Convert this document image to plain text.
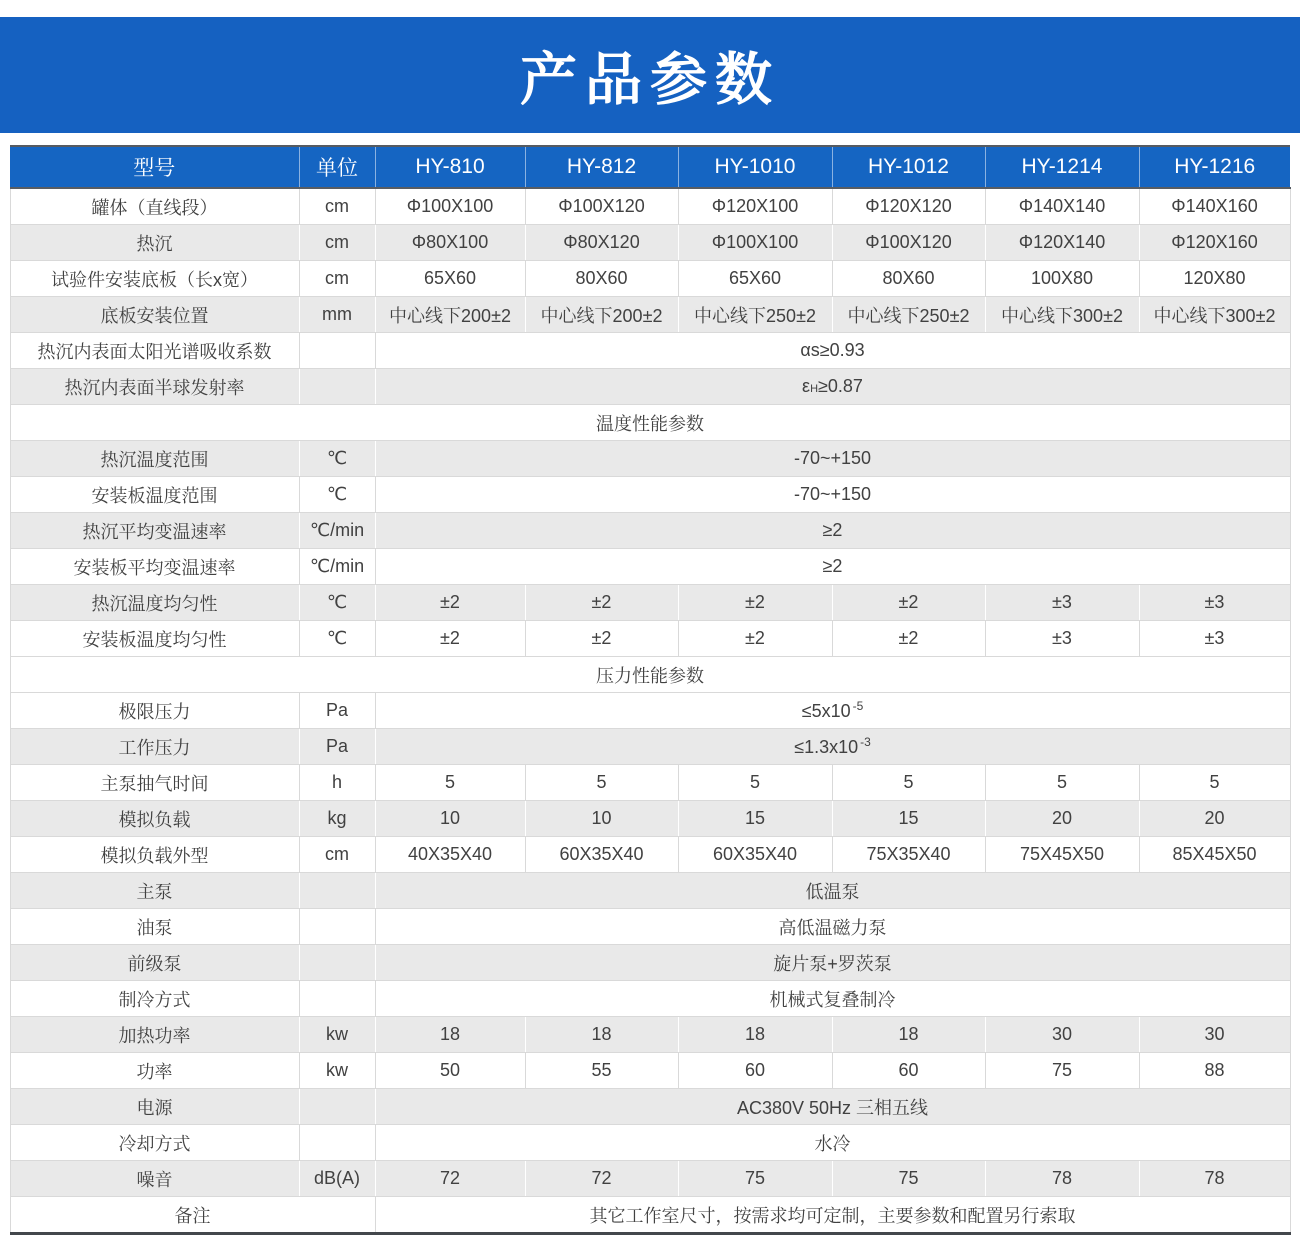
产品参数
型号	单位	HY-810	HY-812	HY-1010	HY-1012	HY-1214	HY-1216
罐体（直线段）	cm	Φ100X100	Φ100X120	Φ120X100	Φ120X120	Φ140X140	Φ140X160
热沉	cm	Φ80X100	Φ80X120	Φ100X100	Φ100X120	Φ120X140	Φ120X160
试验件安装底板（长x宽）	cm	65X60	80X60	65X60	80X60	100X80	120X80
底板安装位置	mm	中心线下200±2	中心线下200±2	中心线下250±2	中心线下250±2	中心线下300±2	中心线下300±2
热沉内表面太阳光谱吸收系数		αs≥0.93					
热沉内表面半球发射率		εH≥0.87					
温度性能参数							
热沉温度范围	℃	-70~+150					
安装板温度范围	℃	-70~+150					
热沉平均变温速率	℃/min	≥2					
安装板平均变温速率	℃/min	≥2					
热沉温度均匀性	℃	±2	±2	±2	±2	±3	±3
安装板温度均匀性	℃	±2	±2	±2	±2	±3	±3
压力性能参数							
极限压力	Pa	≤5x10 $^{-5}$
工作压力	Pa	≤1.3x10 $^{-3}$
主泵抽气时间	h	5	5	5	5	5	5
模拟负载	kg	10	10	15	15	20	20
模拟负载外型	cm	40X35X40	60X35X40	60X35X40	75X35X40	75X45X50	85X45X50
主泵		低温泵					
油泵		高低温磁力泵					
前级泵		旋片泵+罗茨泵					
制冷方式		机械式复叠制冷					
加热功率	kw	18	18	18	18	30	30
功率	kw	50	55	60	60	75	88
电源		AC380V 50Hz 三相五线					
冷却方式		水冷					
噪音	dB(A)	72	72	75	75	78	78
备注		其它工作室尺寸，按需求均可定制，主要参数和配置另行索取					
